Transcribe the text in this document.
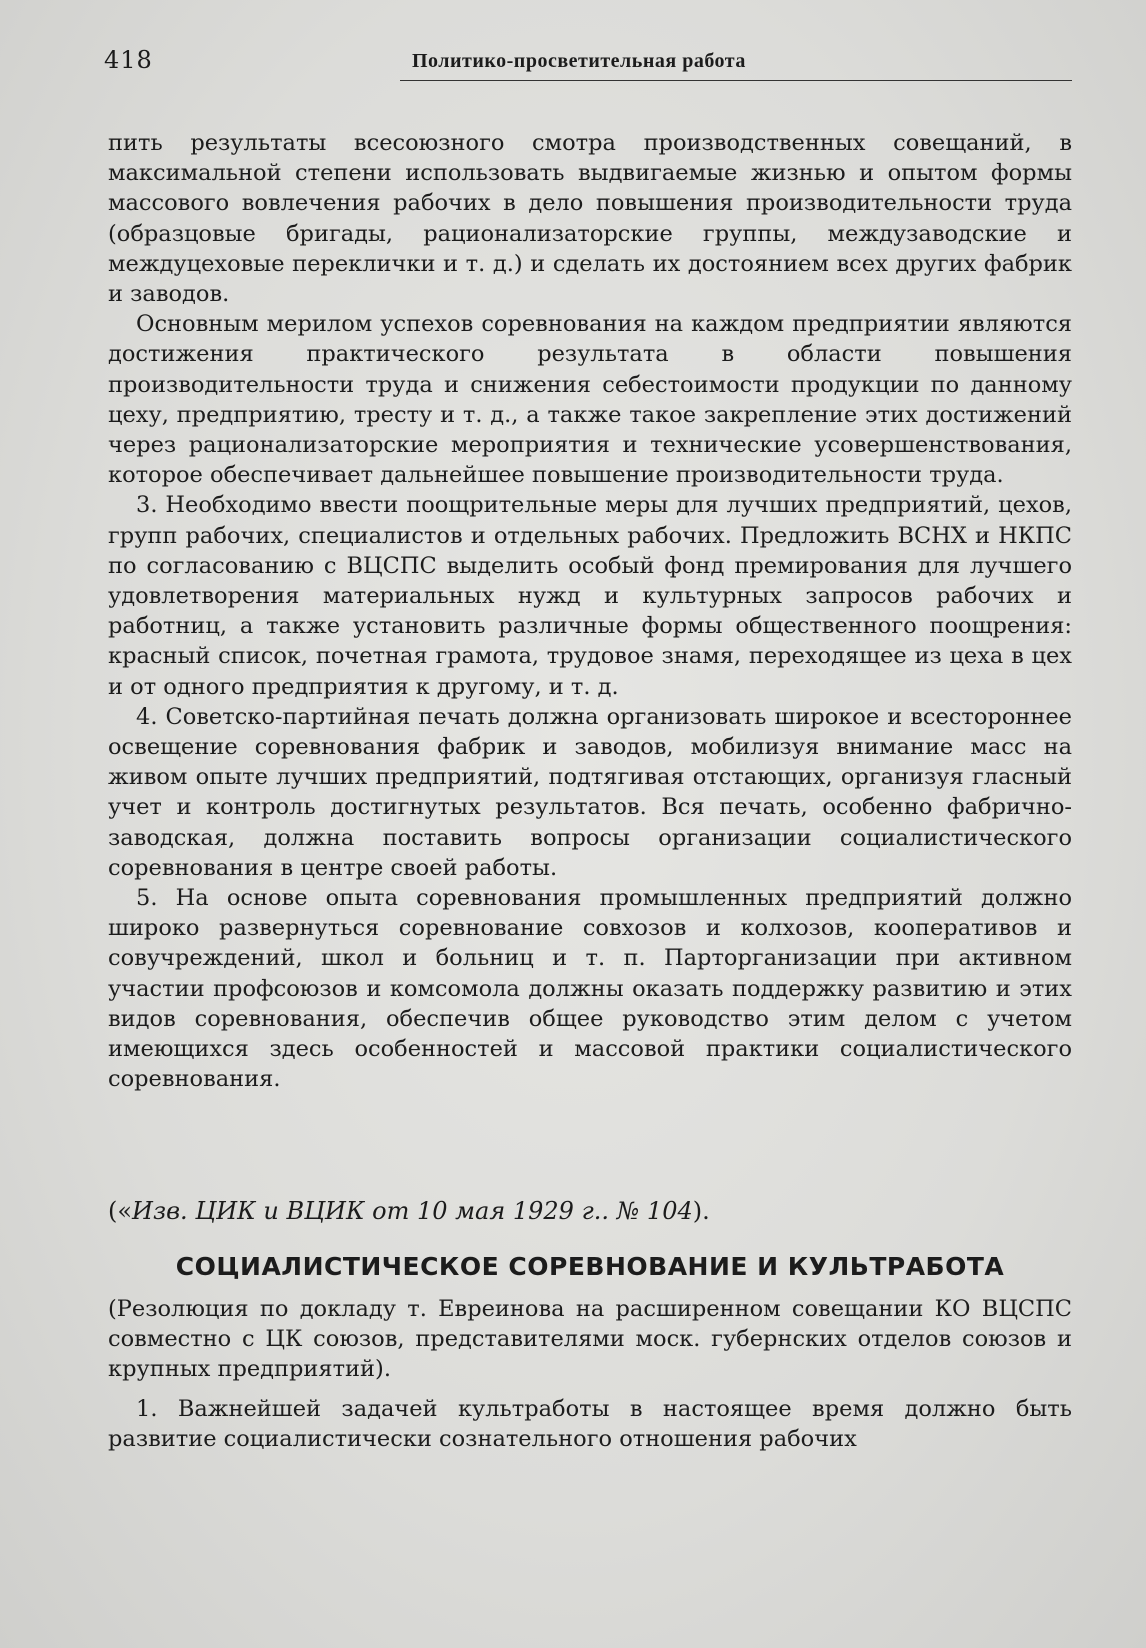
418	Политико-просветительная работа

пить результаты всесоюзного смотра производственных совещаний, в максимальной степени использовать выдвигаемые жизнью и опытом формы массового вовлечения рабочих в дело повышения производительности труда (образцовые бригады, рационализаторские группы, междузаводские и междуцеховые переклички и т. д.) и сделать их достоянием всех других фабрик и заводов.

Основным мерилом успехов соревнования на каждом предприятии являются достижения практического результата в области повышения производительности труда и снижения себестоимости продукции по данному цеху, предприятию, тресту и т. д., а также такое закрепление этих достижений через рационализаторские мероприятия и технические усовершенствования, которое обеспечивает дальнейшее повышение производительности труда.

3. Необходимо ввести поощрительные меры для лучших предприятий, цехов, групп рабочих, специалистов и отдельных рабочих. Предложить ВСНХ и НКПС по согласованию с ВЦСПС выделить особый фонд премирования для лучшего удовлетворения материальных нужд и культурных запросов рабочих и работниц, а также установить различные формы общественного поощрения: красный список, почетная грамота, трудовое знамя, переходящее из цеха в цех и от одного предприятия к другому, и т. д.

4. Советско-партийная печать должна организовать широкое и всестороннее освещение соревнования фабрик и заводов, мобилизуя внимание масс на живом опыте лучших предприятий, подтягивая отстающих, организуя гласный учет и контроль достигнутых результатов. Вся печать, особенно фабрично-заводская, должна поставить вопросы организации социалистического соревнования в центре своей работы.

5. На основе опыта соревнования промышленных предприятий должно широко развернуться соревнование совхозов и колхозов, кооперативов и совучреждений, школ и больниц и т. п. Парторганизации при активном участии профсоюзов и комсомола должны оказать поддержку развитию и этих видов соревнования, обеспечив общее руководство этим делом с учетом имеющихся здесь особенностей и массовой практики социалистического соревнования.

(«Изв. ЦИК и ВЦИК от 10 мая 1929 г.. № 104).
СОЦИАЛИСТИЧЕСКОЕ СОРЕВНОВАНИЕ И КУЛЬТРАБОТА
(Резолюция по докладу т. Евреинова на расширенном совещании КО ВЦСПС совместно с ЦК союзов, представителями моск. губернских отделов союзов и крупных предприятий).
1. Важнейшей задачей культработы в настоящее время должно быть развитие социалистически сознательного отношения рабочих
